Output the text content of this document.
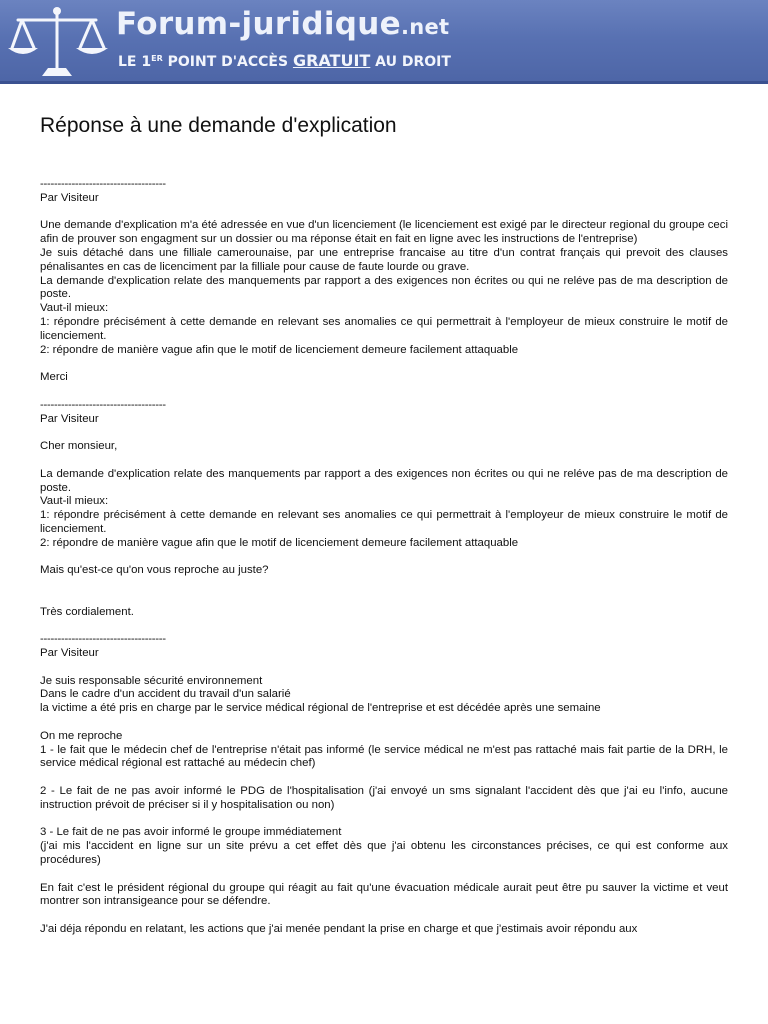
Forum-juridique.net
LE 1ER POINT D'ACCÈS GRATUIT AU DROIT
Réponse à une demande d'explication
------------------------------------
Par Visiteur
Une demande d'explication m'a été adressée en vue d'un licenciement (le licenciement est exigé par le directeur regional du groupe ceci afin de prouver son engagment sur un dossier ou ma réponse était en fait en ligne avec les instructions de l'entreprise)
Je suis détaché dans une filliale camerounaise, par une entreprise francaise au titre d'un contrat français qui prevoit des clauses pénalisantes en cas de licenciment par la filliale pour cause de faute lourde ou grave.
La demande d'explication relate des manquements par rapport a des exigences non écrites ou qui ne reléve pas de ma description de poste.
Vaut-il mieux:
1: répondre précisément à cette demande en relevant ses anomalies ce qui permettrait à l'employeur de mieux construire le motif de licenciement.
2: répondre de manière vague afin que le motif de licenciement demeure facilement attaquable
Merci
------------------------------------
Par Visiteur
Cher monsieur,
La demande d'explication relate des manquements par rapport a des exigences non écrites ou qui ne reléve pas de ma description de poste.
Vaut-il mieux:
1: répondre précisément à cette demande en relevant ses anomalies ce qui permettrait à l'employeur de mieux construire le motif de licenciement.
2: répondre de manière vague afin que le motif de licenciement demeure facilement attaquable
Mais qu'est-ce qu'on vous reproche au juste?
Très cordialement.
------------------------------------
Par Visiteur
Je suis responsable sécurité environnement
Dans le cadre d'un accident du travail d'un salarié
la victime a été pris en charge par le service médical régional de l'entreprise et est décédée après une semaine
On me reproche
1 - le fait que le médecin chef de l'entreprise n'était pas informé (le service médical ne m'est pas rattaché mais fait partie de la DRH, le service médical régional est rattaché au médecin chef)
2 - Le fait de ne pas avoir informé le PDG de l'hospitalisation (j'ai envoyé un sms signalant l'accident dès que j'ai eu l'info, aucune instruction prévoit de préciser si il y hospitalisation ou non)
3 - Le fait de ne pas avoir informé le groupe immédiatement
(j'ai mis l'accident en ligne sur un site prévu a cet effet dès que j'ai obtenu les circonstances précises, ce qui est conforme aux procédures)
En fait c'est le président régional du groupe qui réagit au fait qu'une évacuation médicale aurait peut être pu sauver la victime et veut montrer son intransigeance pour se défendre.
J'ai déja répondu en relatant, les actions que j'ai menée pendant la prise en charge et que j'estimais avoir répondu aux
